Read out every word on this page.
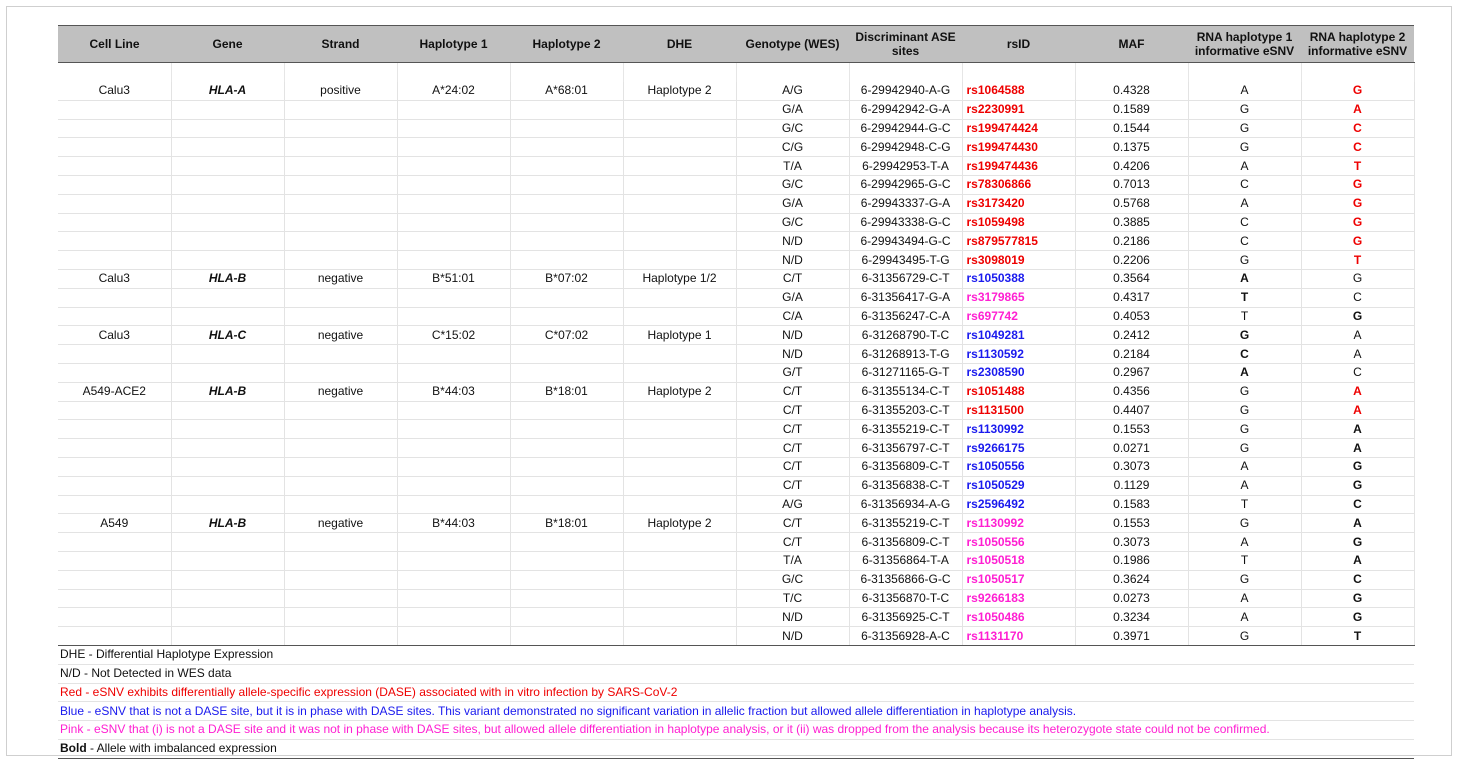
Cell Line	Gene	Strand	Haplotype 1	Haplotype 2	DHE	Genotype (WES)	Discriminant ASE sites	rsID	MAF	RNA haplotype 1 informative eSNV	RNA haplotype 2 informative eSNV
Calu3	HLA-A	positive	A*24:02	A*68:01	Haplotype 2	A/G	6-29942940-A-G	rs1064588	0.4328	A	G
						G/A	6-29942942-G-A	rs2230991	0.1589	G	A
						G/C	6-29942944-G-C	rs199474424	0.1544	G	C
						C/G	6-29942948-C-G	rs199474430	0.1375	G	C
						T/A	6-29942953-T-A	rs199474436	0.4206	A	T
						G/C	6-29942965-G-C	rs78306866	0.7013	C	G
						G/A	6-29943337-G-A	rs3173420	0.5768	A	G
						G/C	6-29943338-G-C	rs1059498	0.3885	C	G
						N/D	6-29943494-G-C	rs879577815	0.2186	C	G
						N/D	6-29943495-T-G	rs3098019	0.2206	G	T
Calu3	HLA-B	negative	B*51:01	B*07:02	Haplotype 1/2	C/T	6-31356729-C-T	rs1050388	0.3564	A	G
						G/A	6-31356417-G-A	rs3179865	0.4317	T	C
						C/A	6-31356247-C-A	rs697742	0.4053	T	G
Calu3	HLA-C	negative	C*15:02	C*07:02	Haplotype 1	N/D	6-31268790-T-C	rs1049281	0.2412	G	A
						N/D	6-31268913-T-G	rs1130592	0.2184	C	A
						G/T	6-31271165-G-T	rs2308590	0.2967	A	C
A549-ACE2	HLA-B	negative	B*44:03	B*18:01	Haplotype 2	C/T	6-31355134-C-T	rs1051488	0.4356	G	A
						C/T	6-31355203-C-T	rs1131500	0.4407	G	A
						C/T	6-31355219-C-T	rs1130992	0.1553	G	A
						C/T	6-31356797-C-T	rs9266175	0.0271	G	A
						C/T	6-31356809-C-T	rs1050556	0.3073	A	G
						C/T	6-31356838-C-T	rs1050529	0.1129	A	G
						A/G	6-31356934-A-G	rs2596492	0.1583	T	C
A549	HLA-B	negative	B*44:03	B*18:01	Haplotype 2	C/T	6-31355219-C-T	rs1130992	0.1553	G	A
						C/T	6-31356809-C-T	rs1050556	0.3073	A	G
						T/A	6-31356864-T-A	rs1050518	0.1986	T	A
						G/C	6-31356866-G-C	rs1050517	0.3624	G	C
						T/C	6-31356870-T-C	rs9266183	0.0273	A	G
						N/D	6-31356925-C-T	rs1050486	0.3234	A	G
						N/D	6-31356928-A-C	rs1131170	0.3971	G	T
DHE - Differential Haplotype Expression											
N/D - Not Detected in WES data											
Red - eSNV exhibits differentially allele-specific expression (DASE) associated with in vitro infection by SARS-CoV-2											
Blue - eSNV that is not a DASE site, but it is in phase with DASE sites. This variant demonstrated no significant variation in allelic fraction but allowed allele differentiation in haplotype analysis.											
Pink - eSNV that (i) is not a DASE site and it was not in phase with DASE sites, but allowed allele differentiation in haplotype analysis, or it (ii) was dropped from the analysis because its heterozygote state could not be confirmed.											
Bold - Allele with imbalanced expression											
